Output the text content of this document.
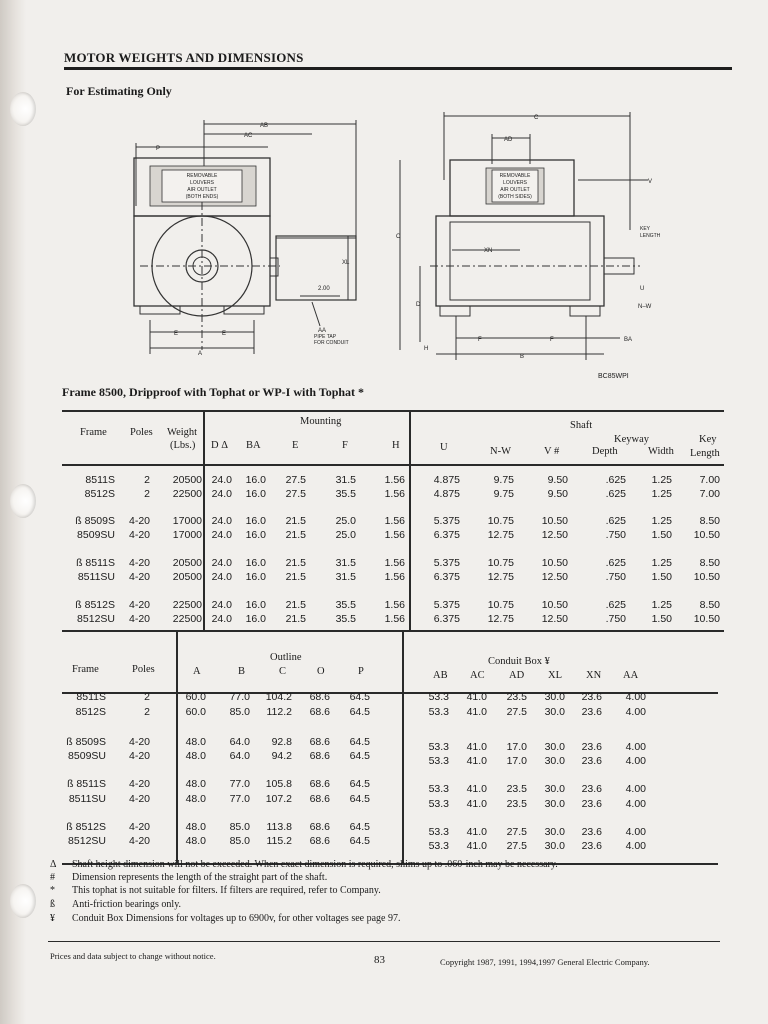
MOTOR WEIGHTS AND DIMENSIONS
For Estimating Only
AB
AC
P
REMOVABLE
LOUVERS
AIR OUTLET
(BOTH ENDS)
XL
2.00
AA
PIPE TAP
FOR CONDUIT
E	E
A
C
AD
REMOVABLE
LOUVERS
AIR OUTLET
(BOTH SIDES)
V
KEY
LENGTH
XN
O
D
U
N–W
F	F	BA
B
H
BC85WPI
Frame 8500, Dripproof with Tophat or WP-I with Tophat *
Mounting	Shaft
Keyway	Key
Frame Poles Weight
(Lbs.) D Δ BA	E	F	H	U	N-W	V #	Depth	Width Length
8511S	2 20500 24.0 16.0 27.5	31.5	1.56	4.875	9.75	9.50	.625 1.25	7.00
8512S	2 22500 24.0 16.0 27.5	35.5	1.56	4.875	9.75	9.50	.625 1.25	7.00
ß 8509S 4-20 17000 24.0 16.0 21.5	25.0	1.56	5.375	10.75	10.50	.625 1.25	8.50
8509SU 4-20 17000 24.0 16.0 21.5	25.0	1.56	6.375	12.75	12.50	.750 1.50 10.50
ß 8511S 4-20 20500 24.0 16.0 21.5	31.5	1.56	5.375	10.75	10.50	.625 1.25	8.50
8511SU 4-20 20500 24.0 16.0 21.5	31.5	1.56	6.375	12.75	12.50	.750 1.50 10.50
ß 8512S 4-20 22500 24.0 16.0 21.5	35.5	1.56	5.375	10.75	10.50	.625 1.25	8.50
8512SU 4-20 22500 24.0 16.0 21.5	35.5	1.56	6.375	12.75	12.50	.750 1.50 10.50
Outline	Conduit Box ¥
Frame	Poles	A	B	C	O	P	AB AC AD XL XN AA
8511S	2	60.0 77.0 104.2 68.6 64.5	53.3 41.0 23.5 30.0 23.6 4.00
8512S	2	60.0 85.0 112.2 68.6 64.5	53.3 41.0 27.5 30.0 23.6 4.00
ß 8509S 4-20	48.0 64.0 92.8 68.6 64.5	53.3 41.0 17.0 30.0 23.6 4.00
8509SU 4-20	48.0 64.0 94.2 68.6 64.5	53.3 41.0 17.0 30.0 23.6 4.00
ß 8511S 4-20	48.0 77.0 105.8 68.6 64.5	53.3 41.0 23.5 30.0 23.6 4.00
8511SU 4-20	48.0 77.0 107.2 68.6 64.5	53.3 41.0 23.5 30.0 23.6 4.00
ß 8512S 4-20	48.0 85.0 113.8 68.6 64.5	53.3 41.0 27.5 30.0 23.6 4.00
8512SU 4-20	48.0 85.0 115.2 68.6 64.5	53.3 41.0 27.5 30.0 23.6 4.00
Δ Shaft height dimension will not be exceeded. When exact dimension is required, shims up to .060-inch may be necessary.
# Dimension represents the length of the straight part of the shaft.
* This tophat is not suitable for filters. If filters are required, refer to Company.
ß Anti-friction bearings only.
¥ Conduit Box Dimensions for voltages up to 6900v, for other voltages see page 97.
Prices and data subject to change without notice.	83	Copyright 1987, 1991, 1994,1997 General Electric Company.
